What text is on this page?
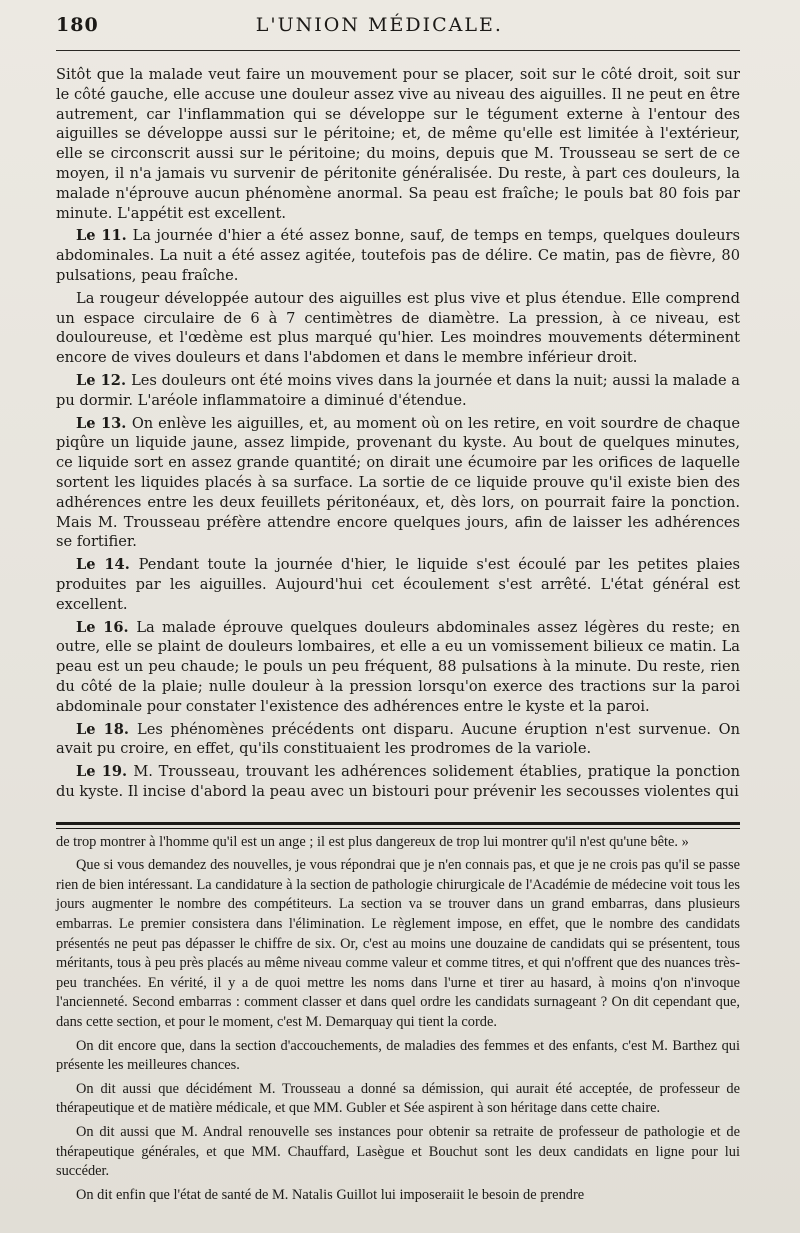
180	L'UNION MÉDICALE.

Sitôt que la malade veut faire un mouvement pour se placer, soit sur le côté droit, soit sur le côté gauche, elle accuse une douleur assez vive au niveau des aiguilles. Il ne peut en être autrement, car l'inflammation qui se développe sur le tégument externe à l'entour des aiguilles se développe aussi sur le péritoine; et, de même qu'elle est limitée à l'extérieur, elle se circonscrit aussi sur le péritoine; du moins, depuis que M. Trousseau se sert de ce moyen, il n'a jamais vu survenir de péritonite généralisée. Du reste, à part ces douleurs, la malade n'éprouve aucun phénomène anormal. Sa peau est fraîche; le pouls bat 80 fois par minute. L'appétit est excellent.

Le 11. La journée d'hier a été assez bonne, sauf, de temps en temps, quelques douleurs abdominales. La nuit a été assez agitée, toutefois pas de délire. Ce matin, pas de fièvre, 80 pulsations, peau fraîche.

La rougeur développée autour des aiguilles est plus vive et plus étendue. Elle comprend un espace circulaire de 6 à 7 centimètres de diamètre. La pression, à ce niveau, est douloureuse, et l'œdème est plus marqué qu'hier. Les moindres mouvements déterminent encore de vives douleurs et dans l'abdomen et dans le membre inférieur droit.

Le 12. Les douleurs ont été moins vives dans la journée et dans la nuit; aussi la malade a pu dormir. L'aréole inflammatoire a diminué d'étendue.

Le 13. On enlève les aiguilles, et, au moment où on les retire, en voit sourdre de chaque piqûre un liquide jaune, assez limpide, provenant du kyste. Au bout de quelques minutes, ce liquide sort en assez grande quantité; on dirait une écumoire par les orifices de laquelle sortent les liquides placés à sa surface. La sortie de ce liquide prouve qu'il existe bien des adhérences entre les deux feuillets péritonéaux, et, dès lors, on pourrait faire la ponction. Mais M. Trousseau préfère attendre encore quelques jours, afin de laisser les adhérences se fortifier.

Le 14. Pendant toute la journée d'hier, le liquide s'est écoulé par les petites plaies produites par les aiguilles. Aujourd'hui cet écoulement s'est arrêté. L'état général est excellent.

Le 16. La malade éprouve quelques douleurs abdominales assez légères du reste; en outre, elle se plaint de douleurs lombaires, et elle a eu un vomissement bilieux ce matin. La peau est un peu chaude; le pouls un peu fréquent, 88 pulsations à la minute. Du reste, rien du côté de la plaie; nulle douleur à la pression lorsqu'on exerce des tractions sur la paroi abdominale pour constater l'existence des adhérences entre le kyste et la paroi.

Le 18. Les phénomènes précédents ont disparu. Aucune éruption n'est survenue. On avait pu croire, en effet, qu'ils constituaient les prodromes de la variole.

Le 19. M. Trousseau, trouvant les adhérences solidement établies, pratique la ponction du kyste. Il incise d'abord la peau avec un bistouri pour prévenir les secousses violentes qui

de trop montrer à l'homme qu'il est un ange ; il est plus dangereux de trop lui montrer qu'il n'est qu'une bête. »

Que si vous demandez des nouvelles, je vous répondrai que je n'en connais pas, et que je ne crois pas qu'il se passe rien de bien intéressant. La candidature à la section de pathologie chirurgicale de l'Académie de médecine voit tous les jours augmenter le nombre des compétiteurs. La section va se trouver dans un grand embarras, dans plusieurs embarras. Le premier consistera dans l'élimination. Le règlement impose, en effet, que le nombre des candidats présentés ne peut pas dépasser le chiffre de six. Or, c'est au moins une douzaine de candidats qui se présentent, tous méritants, tous à peu près placés au même niveau comme valeur et comme titres, et qui n'offrent que des nuances très-peu tranchées. En vérité, il y a de quoi mettre les noms dans l'urne et tirer au hasard, à moins q'on n'invoque l'ancienneté. Second embarras : comment classer et dans quel ordre les candidats surnageant ? On dit cependant que, dans cette section, et pour le moment, c'est M. Demarquay qui tient la corde.

On dit encore que, dans la section d'accouchements, de maladies des femmes et des enfants, c'est M. Barthez qui présente les meilleures chances.

On dit aussi que décidément M. Trousseau a donné sa démission, qui aurait été acceptée, de professeur de thérapeutique et de matière médicale, et que MM. Gubler et Sée aspirent à son héritage dans cette chaire.

On dit aussi que M. Andral renouvelle ses instances pour obtenir sa retraite de professeur de pathologie et de thérapeutique générales, et que MM. Chauffard, Lasègue et Bouchut sont les deux candidats en ligne pour lui succéder.

On dit enfin que l'état de santé de M. Natalis Guillot lui imposeraiit le besoin de prendre
